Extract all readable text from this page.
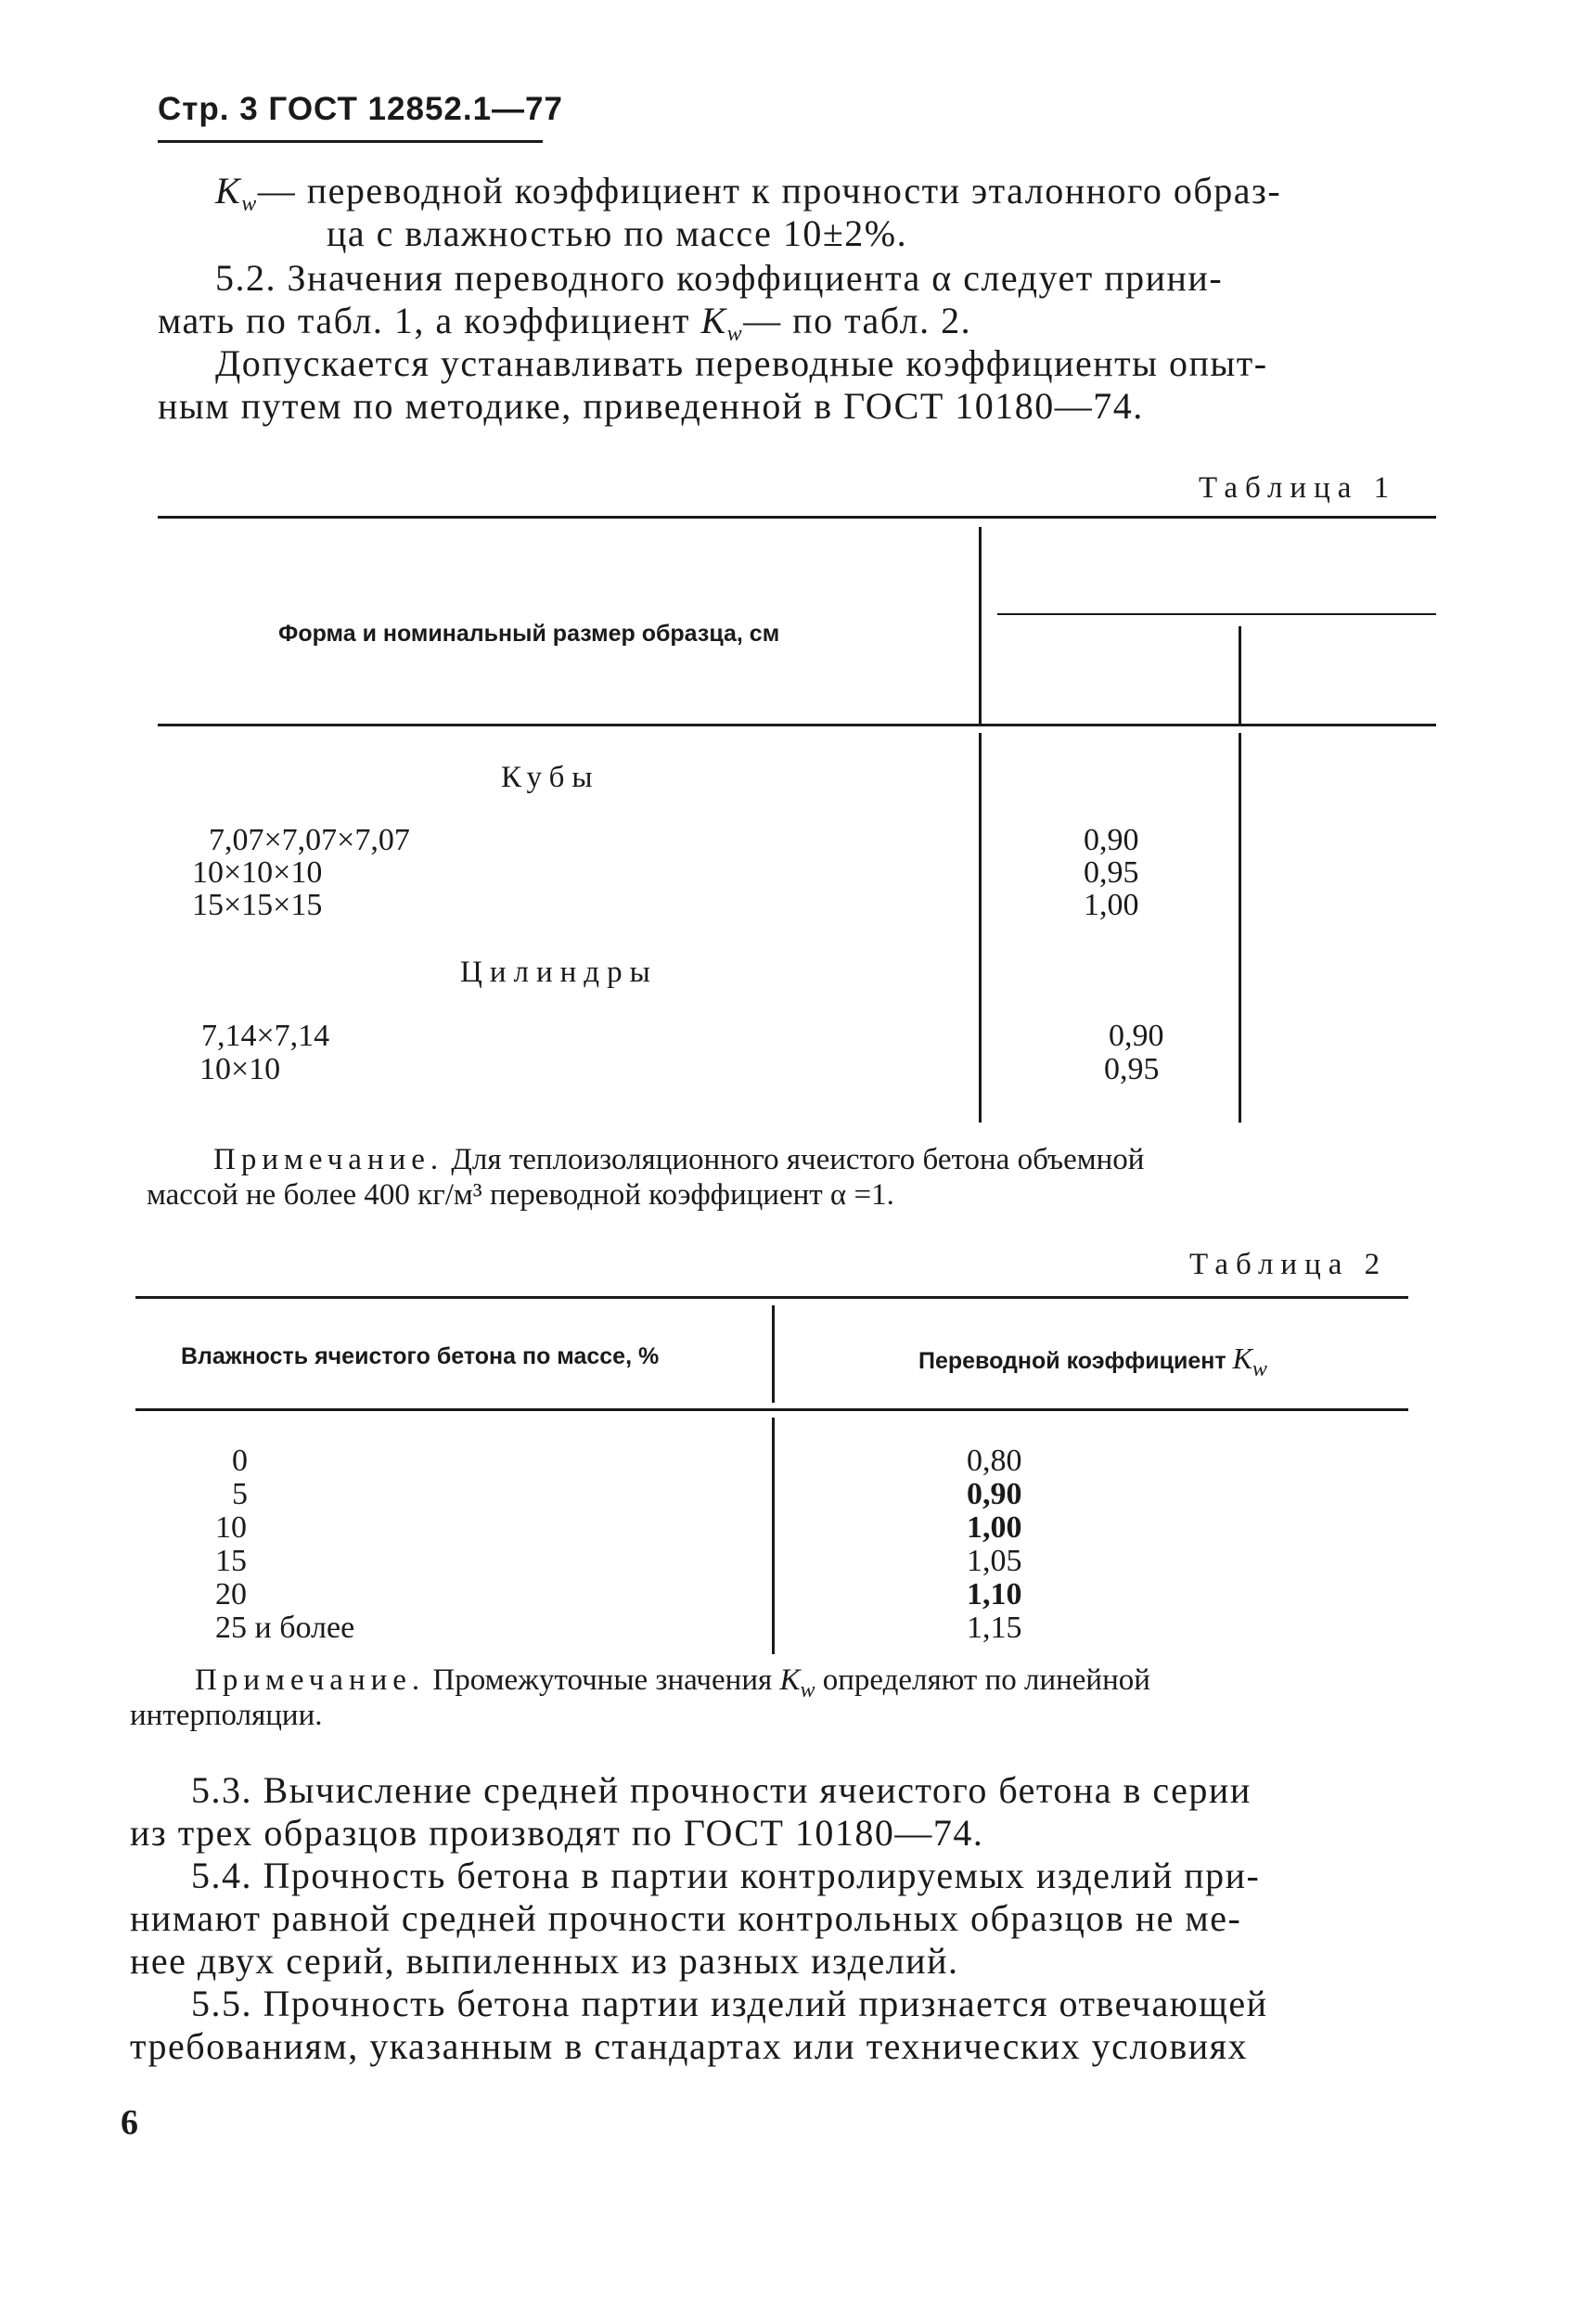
Стр. 3 ГОСТ 12852.1—77
$K_w—$ переводной коэффициент к прочности эталонного образ-
ца с влажностью по массе 10±2%.
5.2. Значения переводного коэффициента α следует прини-
мать по табл. 1, а коэффициент $K_w—$ по табл. 2.
Допускается устанавливать переводные коэффициенты опыт-
ным путем по методике, приведенной в ГОСТ 10180—74.
Таблица 1
Форма и номинальный размер образца, см
Кубы
7,07×7,07×7,07	0,90
10×10×10	0,95
15×15×15	1,00
Цилиндры
7,14×7,14	0,90
10×10	0,95
Примечание. Для теплоизоляционного ячеистого бетона объемной
массой не более 400 кг/м³ переводной коэффициент α =1.
Таблица 2
Влажность ячеистого бетона по массе, %	Переводной коэффициент Kw
0	0,80
5	0,90
10	1,00
15	1,05
20	1,10
25 и более	1,15
Примечание. Промежуточные значения $K_w$ определяют по линейной
интерполяции.
5.3. Вычисление средней прочности ячеистого бетона в серии
из трех образцов производят по ГОСТ 10180—74.
5.4. Прочность бетона в партии контролируемых изделий при-
нимают равной средней прочности контрольных образцов не ме-
нее двух серий, выпиленных из разных изделий.
5.5. Прочность бетона партии изделий признается отвечающей
требованиям, указанным в стандартах или технических условиях
6
